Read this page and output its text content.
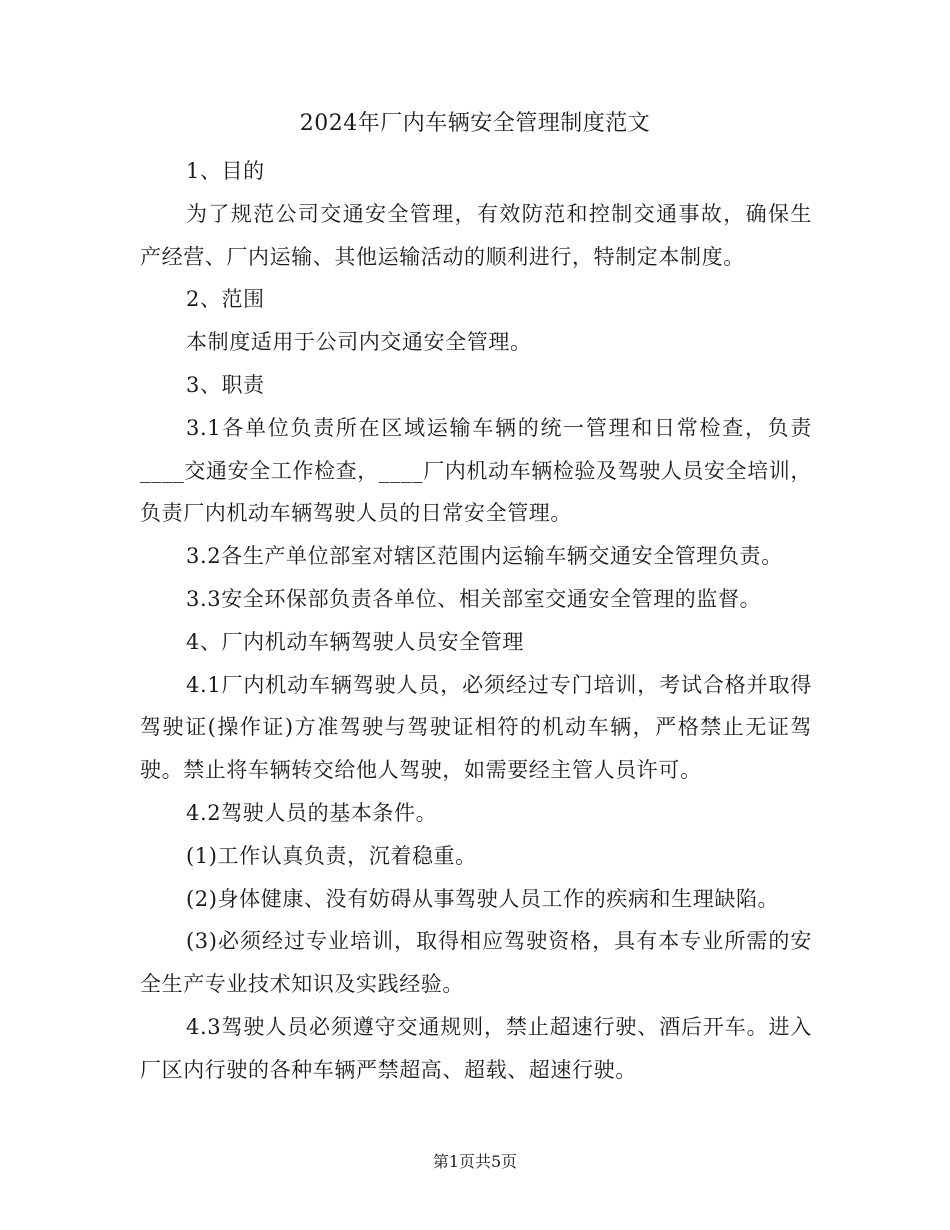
2024年厂内车辆安全管理制度范文

1、目的

为了规范公司交通安全管理，有效防范和控制交通事故，确保生产经营、厂内运输、其他运输活动的顺利进行，特制定本制度。

2、范围

本制度适用于公司内交通安全管理。

3、职责

3.1各单位负责所在区域运输车辆的统一管理和日常检查，负责____交通安全工作检查，____厂内机动车辆检验及驾驶人员安全培训，负责厂内机动车辆驾驶人员的日常安全管理。

3.2各生产单位部室对辖区范围内运输车辆交通安全管理负责。

3.3安全环保部负责各单位、相关部室交通安全管理的监督。

4、厂内机动车辆驾驶人员安全管理

4.1厂内机动车辆驾驶人员，必须经过专门培训，考试合格并取得驾驶证(操作证)方准驾驶与驾驶证相符的机动车辆，严格禁止无证驾驶。禁止将车辆转交给他人驾驶，如需要经主管人员许可。

4.2驾驶人员的基本条件。

(1)工作认真负责，沉着稳重。

(2)身体健康、没有妨碍从事驾驶人员工作的疾病和生理缺陷。

(3)必须经过专业培训，取得相应驾驶资格，具有本专业所需的安全生产专业技术知识及实践经验。

4.3驾驶人员必须遵守交通规则，禁止超速行驶、酒后开车。进入厂区内行驶的各种车辆严禁超高、超载、超速行驶。

第1页共5页
